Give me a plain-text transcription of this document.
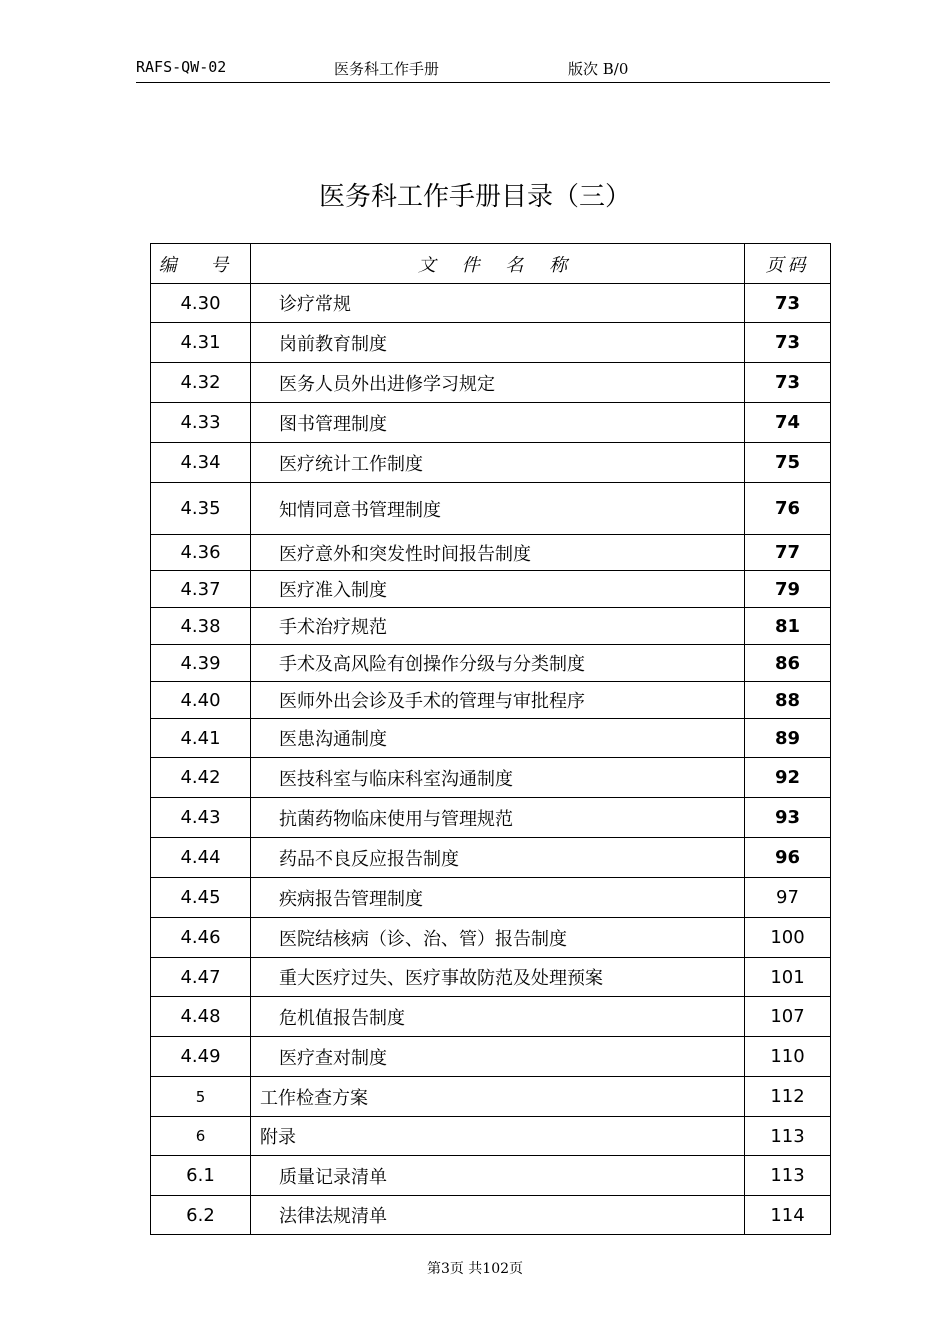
RAFS-QW-02	医务科工作手册	版次 B/0
医务科工作手册目录（三）
编 号	文 件 名 称	页码
4.30	诊疗常规	73
4.31	岗前教育制度	73
4.32	医务人员外出进修学习规定	73
4.33	图书管理制度	74
4.34	医疗统计工作制度	75
4.35	知情同意书管理制度	76
4.36	医疗意外和突发性时间报告制度	77
4.37	医疗准入制度	79
4.38	手术治疗规范	81
4.39	手术及高风险有创操作分级与分类制度	86
4.40	医师外出会诊及手术的管理与审批程序	88
4.41	医患沟通制度	89
4.42	医技科室与临床科室沟通制度	92
4.43	抗菌药物临床使用与管理规范	93
4.44	药品不良反应报告制度	96
4.45	疾病报告管理制度	97
4.46	医院结核病（诊、治、管）报告制度	100
4.47	重大医疗过失、医疗事故防范及处理预案	101
4.48	危机值报告制度	107
4.49	医疗查对制度	110
5	工作检查方案	112
6	附录	113
6.1	质量记录清单	113
6.2	法律法规清单	114
第3页 共102页
